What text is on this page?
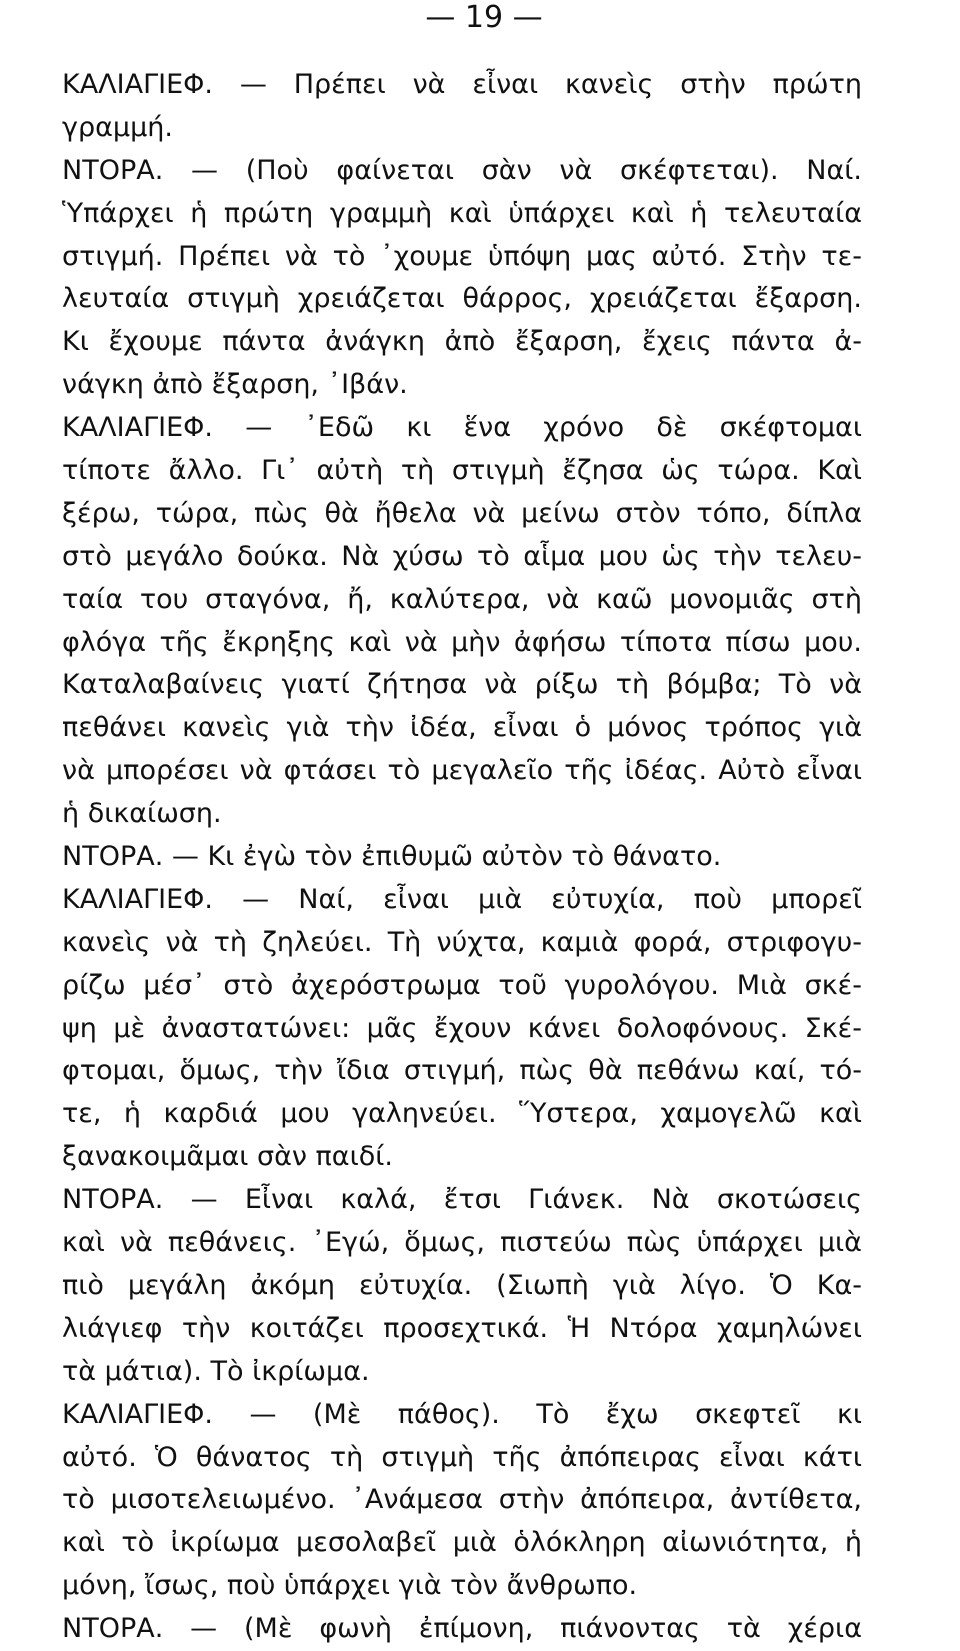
— 19 —
ΚΑΛΙΑΓΙΕΦ. — Πρέπει νὰ εἶναι κανεὶς στὴν πρώτη
γραμμή.
ΝΤΟΡΑ. — (Ποὺ φαίνεται σὰν νὰ σκέφτεται). Ναί.
Ὑπάρχει ἡ πρώτη γραμμὴ καὶ ὑπάρχει καὶ ἡ τελευταία
στιγμή. Πρέπει νὰ τὸ ᾽χουμε ὑπόψη μας αὐτό. Στὴν τε-
λευταία στιγμὴ χρειάζεται θάρρος, χρειάζεται ἔξαρση.
Κι ἔχουμε πάντα ἀνάγκη ἀπὸ ἔξαρση, ἔχεις πάντα ἀ-
νάγκη ἀπὸ ἔξαρση, ᾽Ιβάν.
ΚΑΛΙΑΓΙΕΦ. — ᾽Εδῶ κι ἕνα χρόνο δὲ σκέφτομαι
τίποτε ἄλλο. Γι᾽ αὐτὴ τὴ στιγμὴ ἔζησα ὡς τώρα. Καὶ
ξέρω, τώρα, πὼς θὰ ἤθελα νὰ μείνω στὸν τόπο, δίπλα
στὸ μεγάλο δούκα. Νὰ χύσω τὸ αἷμα μου ὡς τὴν τελευ-
ταία του σταγόνα, ἤ, καλύτερα, νὰ καῶ μονομιᾶς στὴ
φλόγα τῆς ἔκρηξης καὶ νὰ μὴν ἀφήσω τίποτα πίσω μου.
Καταλαβαίνεις γιατί ζήτησα νὰ ρίξω τὴ βόμβα; Τὸ νὰ
πεθάνει κανεὶς γιὰ τὴν ἰδέα, εἶναι ὁ μόνος τρόπος γιὰ
νὰ μπορέσει νὰ φτάσει τὸ μεγαλεῖο τῆς ἰδέας. Αὐτὸ εἶναι
ἡ δικαίωση.
ΝΤΟΡΑ. — Κι ἐγὼ τὸν ἐπιθυμῶ αὐτὸν τὸ θάνατο.
ΚΑΛΙΑΓΙΕΦ. — Ναί, εἶναι μιὰ εὐτυχία, ποὺ μπορεῖ
κανεὶς νὰ τὴ ζηλεύει. Τὴ νύχτα, καμιὰ φορά, στριφογυ-
ρίζω μέσ᾽ στὸ ἀχερόστρωμα τοῦ γυρολόγου. Μιὰ σκέ-
ψη μὲ ἀναστατώνει: μᾶς ἔχουν κάνει δολοφόνους. Σκέ-
φτομαι, ὅμως, τὴν ἴδια στιγμή, πὼς θὰ πεθάνω καί, τό-
τε, ἡ καρδιά μου γαληνεύει. Ὕστερα, χαμογελῶ καὶ
ξανακοιμᾶμαι σὰν παιδί.
ΝΤΟΡΑ. — Εἶναι καλά, ἔτσι Γιάνεκ. Νὰ σκοτώσεις
καὶ νὰ πεθάνεις. ᾽Εγώ, ὅμως, πιστεύω πὼς ὑπάρχει μιὰ
πιὸ μεγάλη ἀκόμη εὐτυχία. (Σιωπὴ γιὰ λίγο. Ὁ Κα-
λιάγιεφ τὴν κοιτάζει προσεχτικά. Ἡ Ντόρα χαμηλώνει
τὰ μάτια). Τὸ ἰκρίωμα.
ΚΑΛΙΑΓΙΕΦ. — (Μὲ πάθος). Τὸ ἔχω σκεφτεῖ κι
αὐτό. Ὁ θάνατος τὴ στιγμὴ τῆς ἀπόπειρας εἶναι κάτι
τὸ μισοτελειωμένο. ᾽Ανάμεσα στὴν ἀπόπειρα, ἀντίθετα,
καὶ τὸ ἰκρίωμα μεσολαβεῖ μιὰ ὁλόκληρη αἰωνιότητα, ἡ
μόνη, ἴσως, ποὺ ὑπάρχει γιὰ τὸν ἄνθρωπο.
ΝΤΟΡΑ. — (Μὲ φωνὴ ἐπίμονη, πιάνοντας τὰ χέρια
